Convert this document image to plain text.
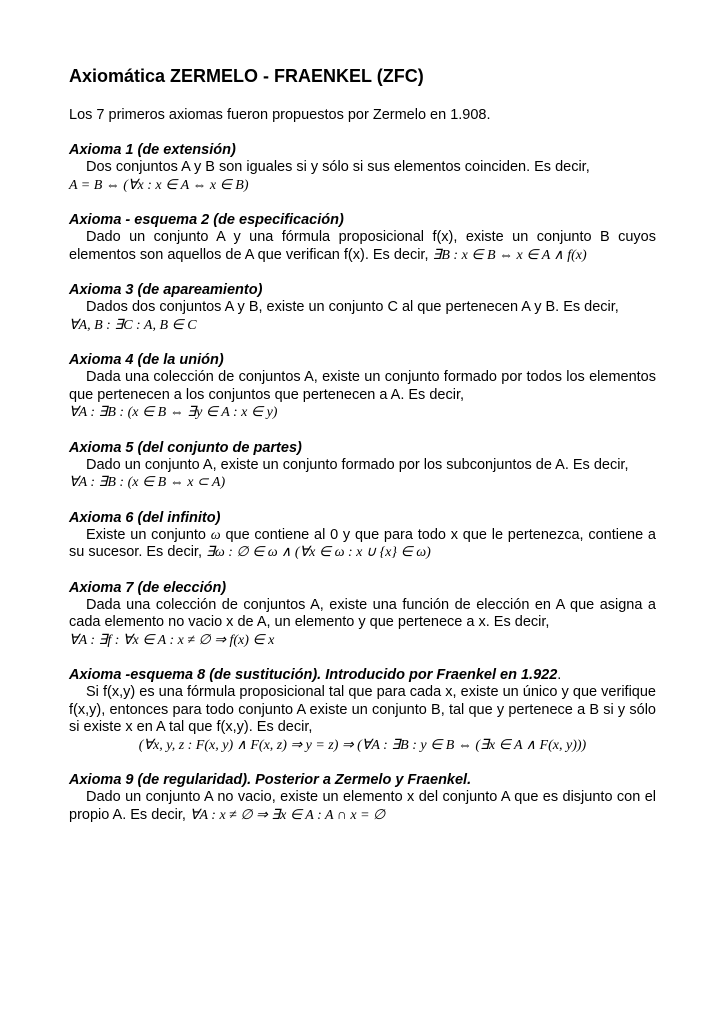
Axiomática ZERMELO - FRAENKEL (ZFC)

Los 7 primeros axiomas fueron propuestos por Zermelo en 1.908.

Axioma 1 (de extensión)

Dos conjuntos A y B son iguales si y sólo si sus elementos coinciden. Es decir,
A = B ⇔ (∀x : x ∈ A ⇔ x ∈ B)

Axioma - esquema 2 (de especificación)

Dado un conjunto A y una fórmula proposicional f(x), existe un conjunto B cuyos elementos son aquellos de A que verifican f(x). Es decir, ∃B : x ∈ B ⇔ x ∈ A ∧ f(x)

Axioma 3 (de apareamiento)

Dados dos conjuntos A y B, existe un conjunto C al que pertenecen A y B. Es decir,
∀A, B : ∃C : A, B ∈ C

Axioma 4 (de la unión)

Dada una colección de conjuntos A, existe un conjunto formado por todos los elementos que pertenecen a los conjuntos que pertenecen a A. Es decir,
∀A : ∃B : (x ∈ B ⇔ ∃y ∈ A : x ∈ y)

Axioma 5 (del conjunto de partes)

Dado un conjunto A, existe un conjunto formado por los subconjuntos de A. Es decir,
∀A : ∃B : (x ∈ B ⇔ x ⊂ A)

Axioma 6 (del infinito)

Existe un conjunto ω que contiene al 0 y que para todo x que le pertenezca, contiene a su sucesor. Es decir, ∃ω : ∅ ∈ ω ∧ (∀x ∈ ω : x ∪ {x} ∈ ω)

Axioma 7 (de elección)

Dada una colección de conjuntos A, existe una función de elección en A que asigna a cada elemento no vacio x de A, un elemento y que pertenece a x. Es decir,
∀A : ∃f : ∀x ∈ A : x ≠ ∅ ⇒ f(x) ∈ x

Axioma -esquema 8 (de sustitución). Introducido por Fraenkel en 1.922.

Si f(x,y) es una fórmula proposicional tal que para cada x, existe un único y que verifique f(x,y), entonces para todo conjunto A existe un conjunto B, tal que y pertenece a B si y sólo si existe x en A tal que f(x,y). Es decir,
(∀x, y, z : F(x, y) ∧ F(x, z) ⇒ y = z) ⇒ (∀A : ∃B : y ∈ B ⇔ (∃x ∈ A ∧ F(x, y)))

Axioma 9 (de regularidad). Posterior a Zermelo y Fraenkel.

Dado un conjunto A no vacio, existe un elemento x del conjunto A que es disjunto con el propio A. Es decir, ∀A : x ≠ ∅ ⇒ ∃x ∈ A : A ∩ x = ∅
